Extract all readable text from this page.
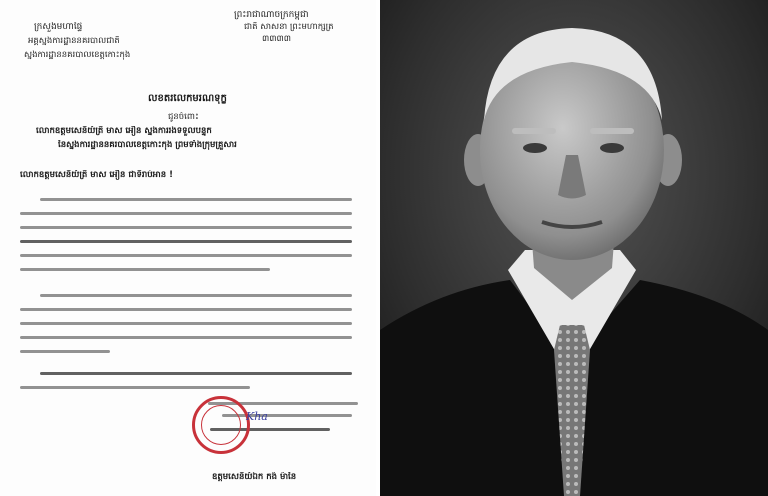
ក្រសួងមហាផ្ទៃ
អគ្គស្នងការដ្ឋាននគរបាលជាតិ
ស្នងការដ្ឋាននគរបាលខេត្តកោះកុង
ព្រះរាជាណាចក្រកម្ពុជា
ជាតិ សាសនា ព្រះមហាក្សត្រ
៣៣៣៣
លិខិតរំលែកមរណទុក្ខ
ជូនចំពោះ
លោកឧត្តមសេនីយ៍ត្រី មាស អឿន ស្នងការរងទទួលបន្ទុក
នៃស្នងការដ្ឋាននគរបាលខេត្តកោះកុង ព្រមទាំងក្រុមគ្រួសារ
លោកឧត្តមសេនីយ៍ត្រី មាស អឿន ជាទីរាប់អាន !
Kha
ឧត្តមសេនីយ៍ឯក កង់ ម៉ានៃ
